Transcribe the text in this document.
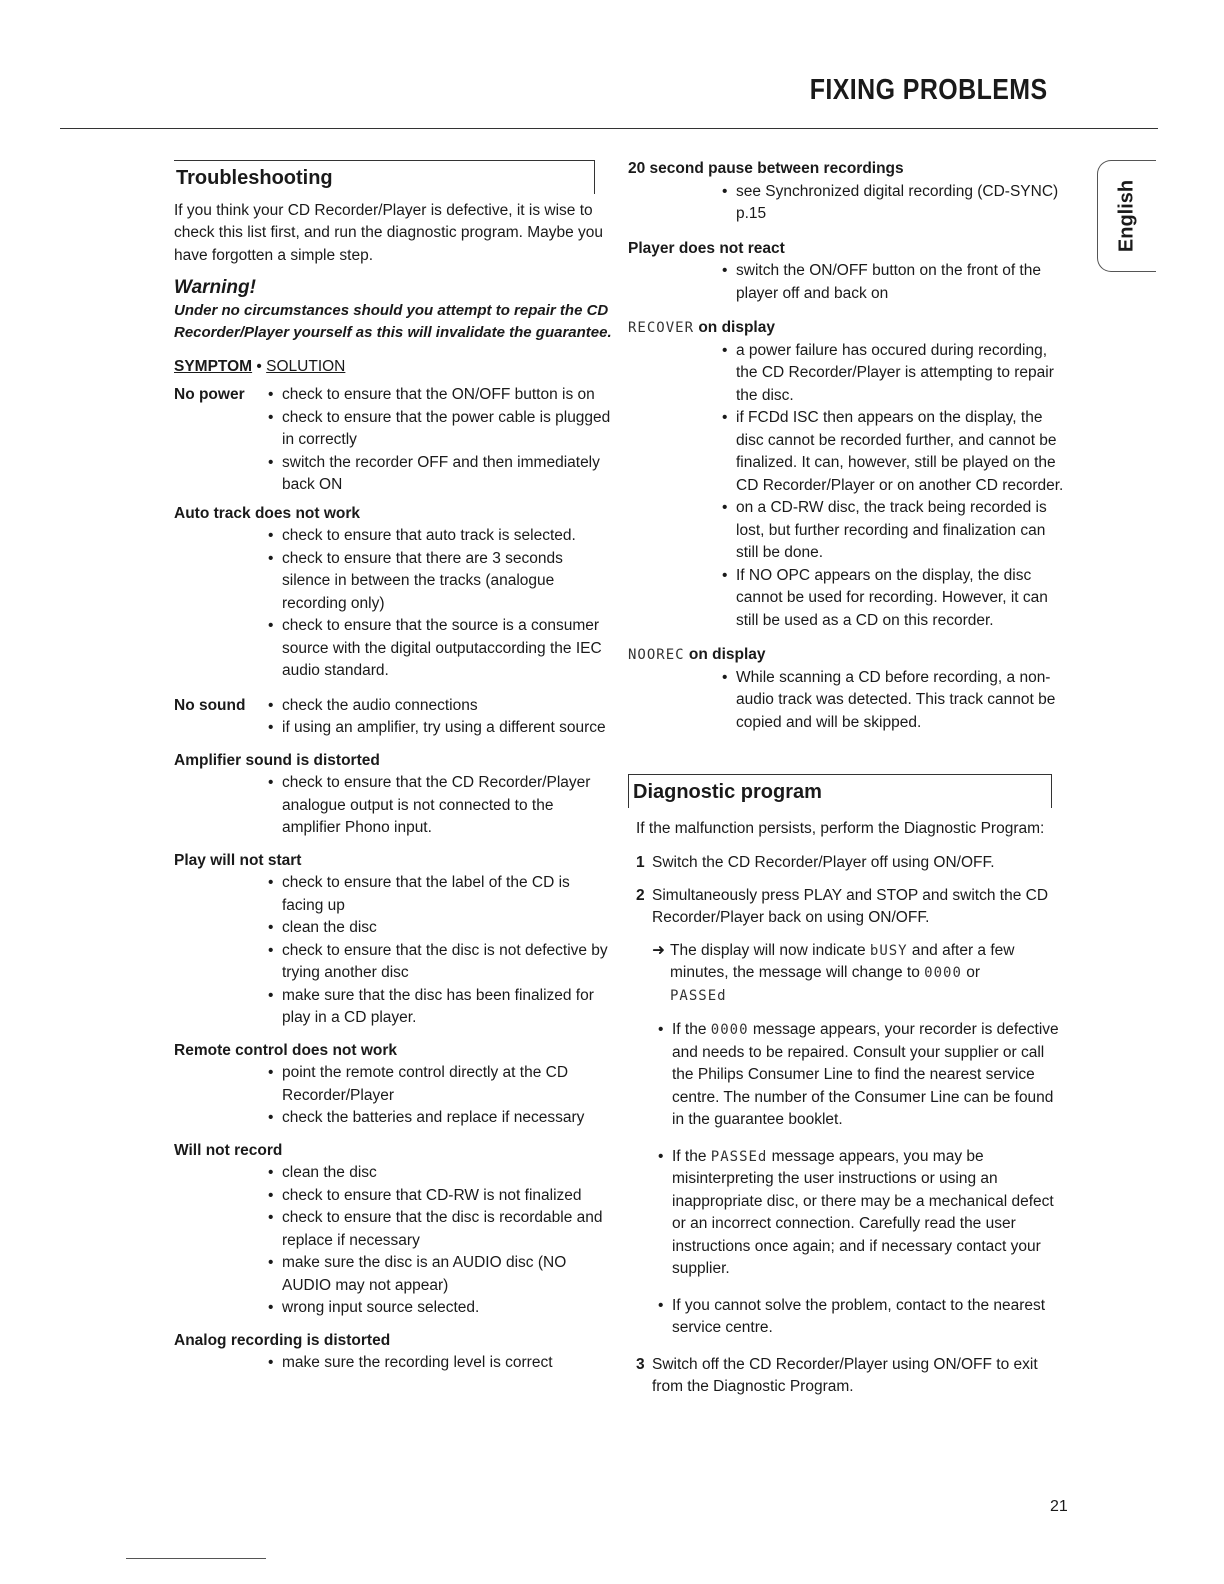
FIXING PROBLEMS
English
Troubleshooting
If you think your CD Recorder/Player is defective, it is wise to check this list first, and run the diagnostic program. Maybe you have forgotten a simple step.
Warning!
Under no circumstances should you attempt to repair the CD Recorder/Player yourself as this will invalidate the guarantee.
SYMPTOM • SOLUTION
No power	• check to ensure that the ON/OFF button is on
• check to ensure that the power cable is plugged in correctly
• switch the recorder OFF and then immediately back ON
Auto track does not work
• check to ensure that auto track is selected.
• check to ensure that there are 3 seconds silence in between the tracks (analogue recording only)
• check to ensure that the source is a consumer source with the digital outputaccording the IEC audio standard.
No sound	• check the audio connections
• if using an amplifier, try using a different source
Amplifier sound is distorted
• check to ensure that the CD Recorder/Player analogue output is not connected to the amplifier Phono input.
Play will not start
• check to ensure that the label of the CD is facing up
• clean the disc
• check to ensure that the disc is not defective by trying another disc
• make sure that the disc has been finalized for play in a CD player.
Remote control does not work
• point the remote control directly at the CD Recorder/Player
• check the batteries and replace if necessary
Will not record
• clean the disc
• check to ensure that CD-RW is not finalized
• check to ensure that the disc is recordable and replace if necessary
• make sure the disc is an AUDIO disc (NO AUDIO may not appear)
• wrong input source selected.
Analog recording is distorted
• make sure the recording level is correct
20 second pause between recordings
• see Synchronized digital recording (CD-SYNC) p.15
Player does not react
• switch the ON/OFF button on the front of the player off and back on
RECOVER on display
• a power failure has occured during recording, the CD Recorder/Player is attempting to repair the disc.
• if FCDd ISC then appears on the display, the disc cannot be recorded further, and cannot be finalized. It can, however, still be played on the CD Recorder/Player or on another CD recorder.
• on a CD-RW disc, the track being recorded is lost, but further recording and finalization can still be done.
• If NO OPC appears on the display, the disc cannot be used for recording. However, it can still be used as a CD on this recorder.
NOOREC on display
• While scanning a CD before recording, a non-audio track was detected. This track cannot be copied and will be skipped.
Diagnostic program
If the malfunction persists, perform the Diagnostic Program:
1 Switch the CD Recorder/Player off using ON/OFF.
2 Simultaneously press PLAY and STOP and switch the CD Recorder/Player back on using ON/OFF.
➜ The display will now indicate bUSY and after a few minutes, the message will change to 0000 or
PASSEd
• If the 0000 message appears, your recorder is defective and needs to be repaired. Consult your supplier or call the Philips Consumer Line to find the nearest service centre. The number of the Consumer Line can be found in the guarantee booklet.
• If the PASSEd message appears, you may be misinterpreting the user instructions or using an inappropriate disc, or there may be a mechanical defect or an incorrect connection. Carefully read the user instructions once again; and if necessary contact your supplier.
• If you cannot solve the problem, contact to the nearest service centre.
3 Switch off the CD Recorder/Player using ON/OFF to exit from the Diagnostic Program.
21
